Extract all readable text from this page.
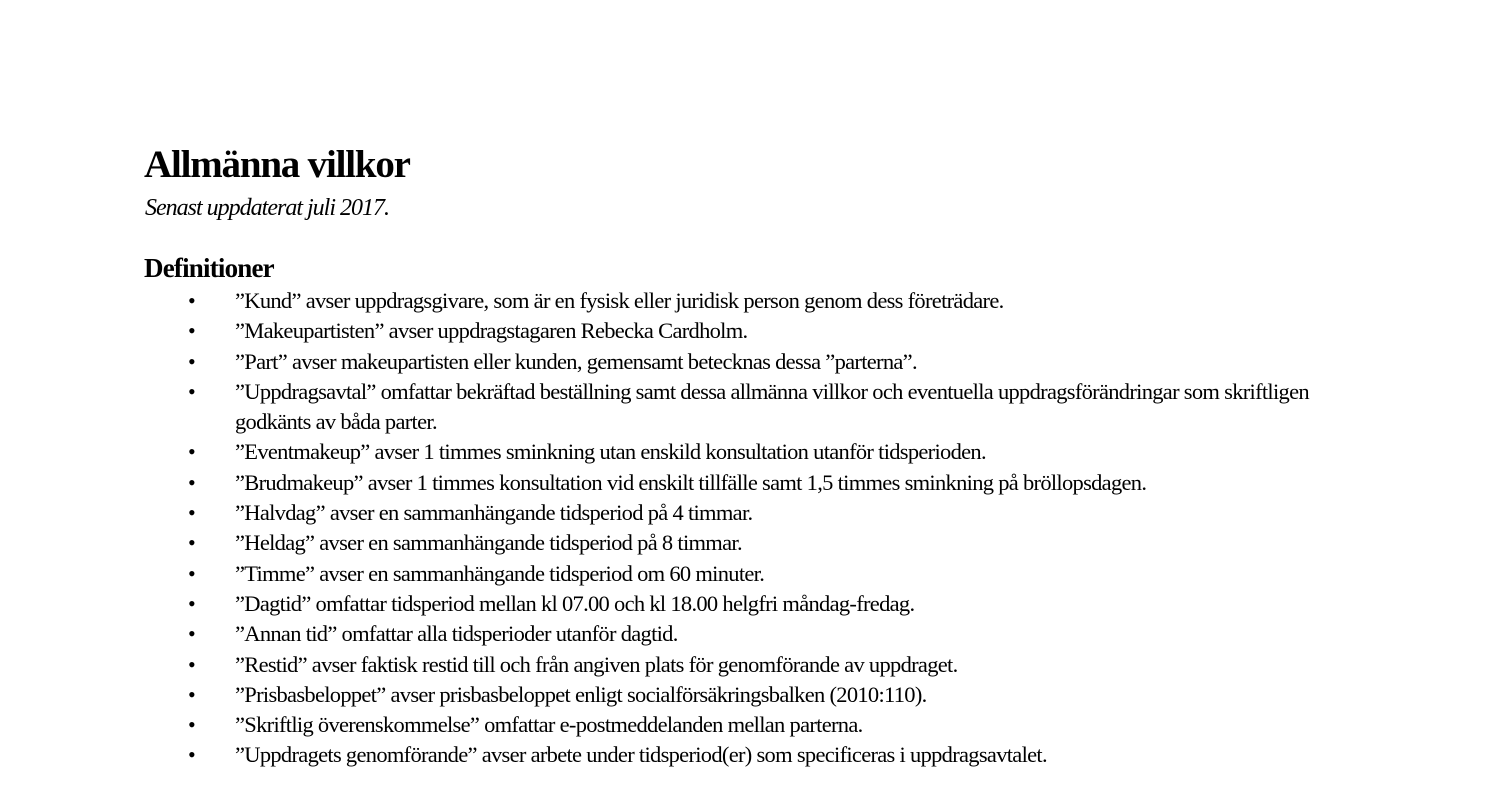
Allmänna villkor

Senast uppdaterat juli 2017.

Definitioner
• ”Kund” avser uppdragsgivare, som är en fysisk eller juridisk person genom dess företrädare.
• ”Makeupartisten” avser uppdragstagaren Rebecka Cardholm.
• ”Part” avser makeupartisten eller kunden, gemensamt betecknas dessa ”parterna”.
• ”Uppdragsavtal” omfattar bekräftad beställning samt dessa allmänna villkor och eventuella uppdragsförändringar som skriftligen godkänts av båda parter.
• ”Eventmakeup” avser 1 timmes sminkning utan enskild konsultation utanför tidsperioden.
• ”Brudmakeup” avser 1 timmes konsultation vid enskilt tillfälle samt 1,5 timmes sminkning på bröllopsdagen.
• ”Halvdag” avser en sammanhängande tidsperiod på 4 timmar.
• ”Heldag” avser en sammanhängande tidsperiod på 8 timmar.
• ”Timme” avser en sammanhängande tidsperiod om 60 minuter.
• ”Dagtid” omfattar tidsperiod mellan kl 07.00 och kl 18.00 helgfri måndag-fredag.
• ”Annan tid” omfattar alla tidsperioder utanför dagtid.
• ”Restid” avser faktisk restid till och från angiven plats för genomförande av uppdraget.
• ”Prisbasbeloppet” avser prisbasbeloppet enligt socialförsäkringsbalken (2010:110).
• ”Skriftlig överenskommelse” omfattar e-postmeddelanden mellan parterna.
• ”Uppdragets genomförande” avser arbete under tidsperiod(er) som specificeras i uppdragsavtalet.
